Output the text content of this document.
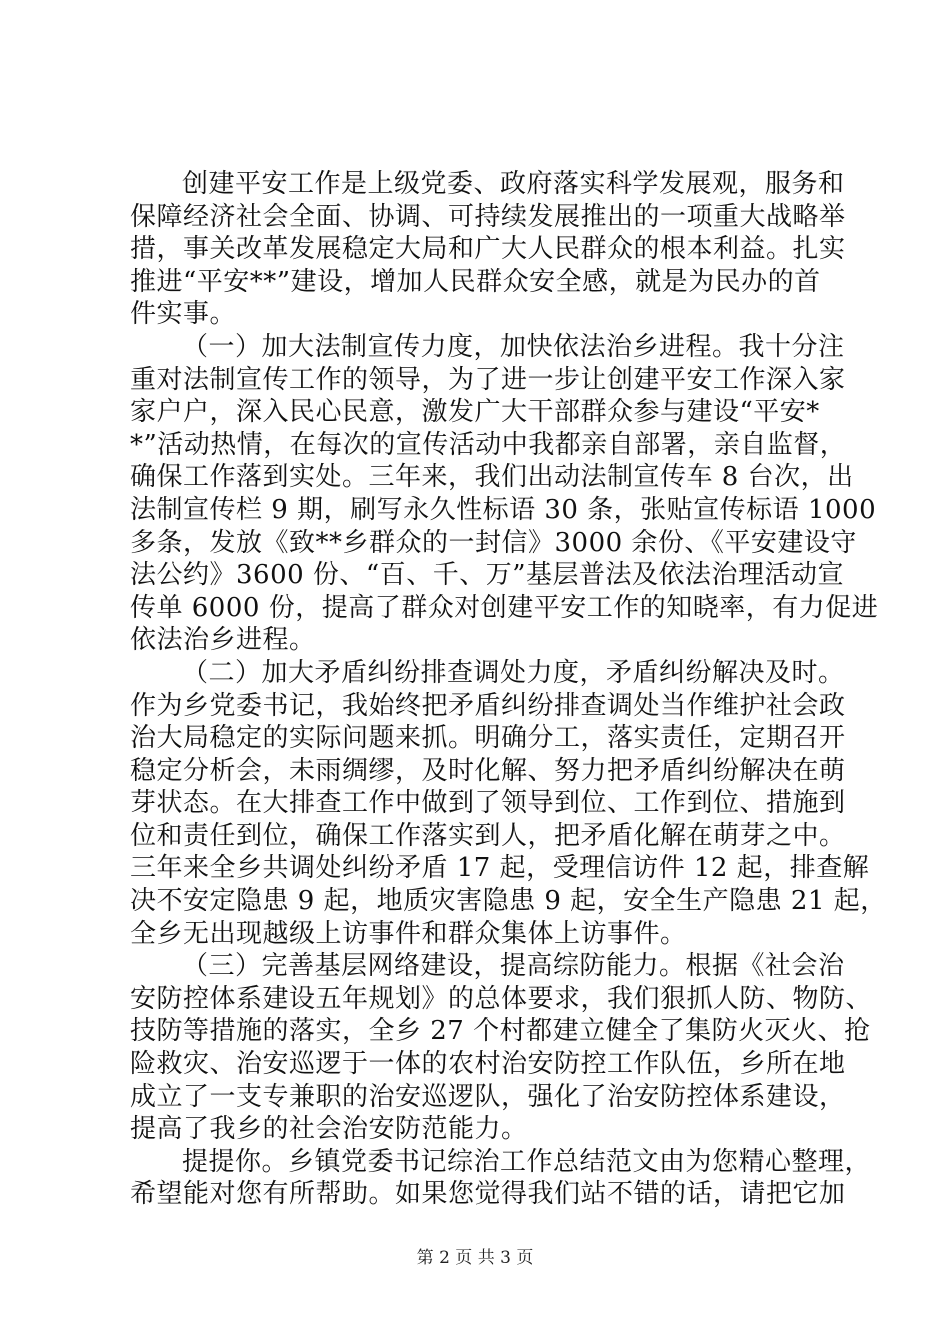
创建平安工作是上级党委、政府落实科学发展观，服务和
保障经济社会全面、协调、可持续发展推出的一项重大战略举
措，事关改革发展稳定大局和广大人民群众的根本利益。扎实
推进“平安**”建设，增加人民群众安全感，就是为民办的首
件实事。
（一）加大法制宣传力度，加快依法治乡进程。我十分注
重对法制宣传工作的领导，为了进一步让创建平安工作深入家
家户户，深入民心民意，激发广大干部群众参与建设“平安*
*”活动热情，在每次的宣传活动中我都亲自部署，亲自监督，
确保工作落到实处。三年来，我们出动法制宣传车 8 台次，出
法制宣传栏 9 期，刷写永久性标语 30 条，张贴宣传标语 1000
多条，发放《致**乡群众的一封信》3000 余份、《平安建设守
法公约》3600 份、“百、千、万”基层普法及依法治理活动宣
传单 6000 份，提高了群众对创建平安工作的知晓率，有力促进
依法治乡进程。
（二）加大矛盾纠纷排查调处力度，矛盾纠纷解决及时。
作为乡党委书记，我始终把矛盾纠纷排查调处当作维护社会政
治大局稳定的实际问题来抓。明确分工，落实责任，定期召开
稳定分析会，未雨绸缪，及时化解、努力把矛盾纠纷解决在萌
芽状态。在大排查工作中做到了领导到位、工作到位、措施到
位和责任到位，确保工作落实到人，把矛盾化解在萌芽之中。
三年来全乡共调处纠纷矛盾 17 起，受理信访件 12 起，排查解
决不安定隐患 9 起，地质灾害隐患 9 起，安全生产隐患 21 起，
全乡无出现越级上访事件和群众集体上访事件。
（三）完善基层网络建设，提高综防能力。根据《社会治
安防控体系建设五年规划》的总体要求，我们狠抓人防、物防、
技防等措施的落实，全乡 27 个村都建立健全了集防火灭火、抢
险救灾、治安巡逻于一体的农村治安防控工作队伍，乡所在地
成立了一支专兼职的治安巡逻队，强化了治安防控体系建设，
提高了我乡的社会治安防范能力。
提提你。乡镇党委书记综治工作总结范文由为您精心整理，
希望能对您有所帮助。如果您觉得我们站不错的话，请把它加
第 2 页 共 3 页
